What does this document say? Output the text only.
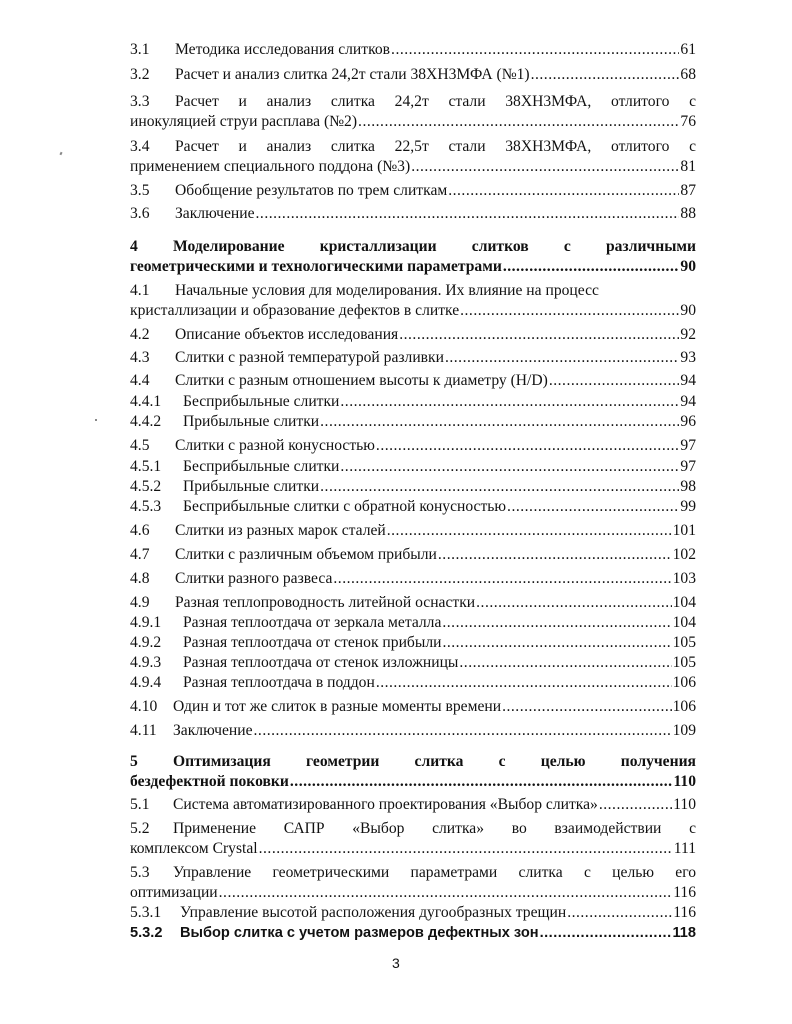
3.1	Методика исследования слитков .....	61
3.2	Расчет и анализ слитка 24,2т стали 38ХН3МФА (№1) .....	68
3.3	Расчет и анализ слитка 24,2т стали 38ХН3МФА, отлитого с
инокуляцией струи расплава (№2) .....	76
3.4	Расчет и анализ слитка 22,5т стали 38ХН3МФА, отлитого с
применением специального поддона (№3) .....	81
3.5	Обобщение результатов по трем слиткам .....	87
3.6	Заключение .....	88
4 Моделирование кристаллизации слитков с различными
геометрическими и технологическими параметрами .....	90
4.1	Начальные условия для моделирования. Их влияние на процесс
кристаллизации и образование дефектов в слитке .....	90
4.2	Описание объектов исследования .....	92
4.3	Слитки с разной температурой разливки .....	93
4.4	Слитки с разным отношением высоты к диаметру (H/D) .....	94
4.4.1	Бесприбыльные слитки .....	94
4.4.2	Прибыльные слитки .....	96
4.5	Слитки с разной конусностью .....	97
4.5.1	Бесприбыльные слитки .....	97
4.5.2	Прибыльные слитки .....	98
4.5.3	Бесприбыльные слитки с обратной конусностью .....	99
4.6	Слитки из разных марок сталей .....	101
4.7	Слитки с различным объемом прибыли .....	102
4.8	Слитки разного развеса .....	103
4.9	Разная теплопроводность литейной оснастки .....	104
4.9.1	Разная теплоотдача от зеркала металла .....	104
4.9.2	Разная теплоотдача от стенок прибыли .....	105
4.9.3	Разная теплоотдача от стенок изложницы .....	105
4.9.4	Разная теплоотдача в поддон .....	106
4.10	Один и тот же слиток в разные моменты времени .....	106
4.11	Заключение .....	109
5 Оптимизация геометрии слитка с целью получения
бездефектной поковки .....	110
5.1	Система автоматизированного проектирования «Выбор слитка» .....	110
5.2	Применение САПР «Выбор слитка» во взаимодействии с
комплексом Crystal .....	111
5.3	Управление геометрическими параметрами слитка с целью его
оптимизации .....	116
5.3.1	Управление высотой расположения дугообразных трещин .....	116
5.3.2	Выбор слитка с учетом размеров дефектных зон .....	118
3
